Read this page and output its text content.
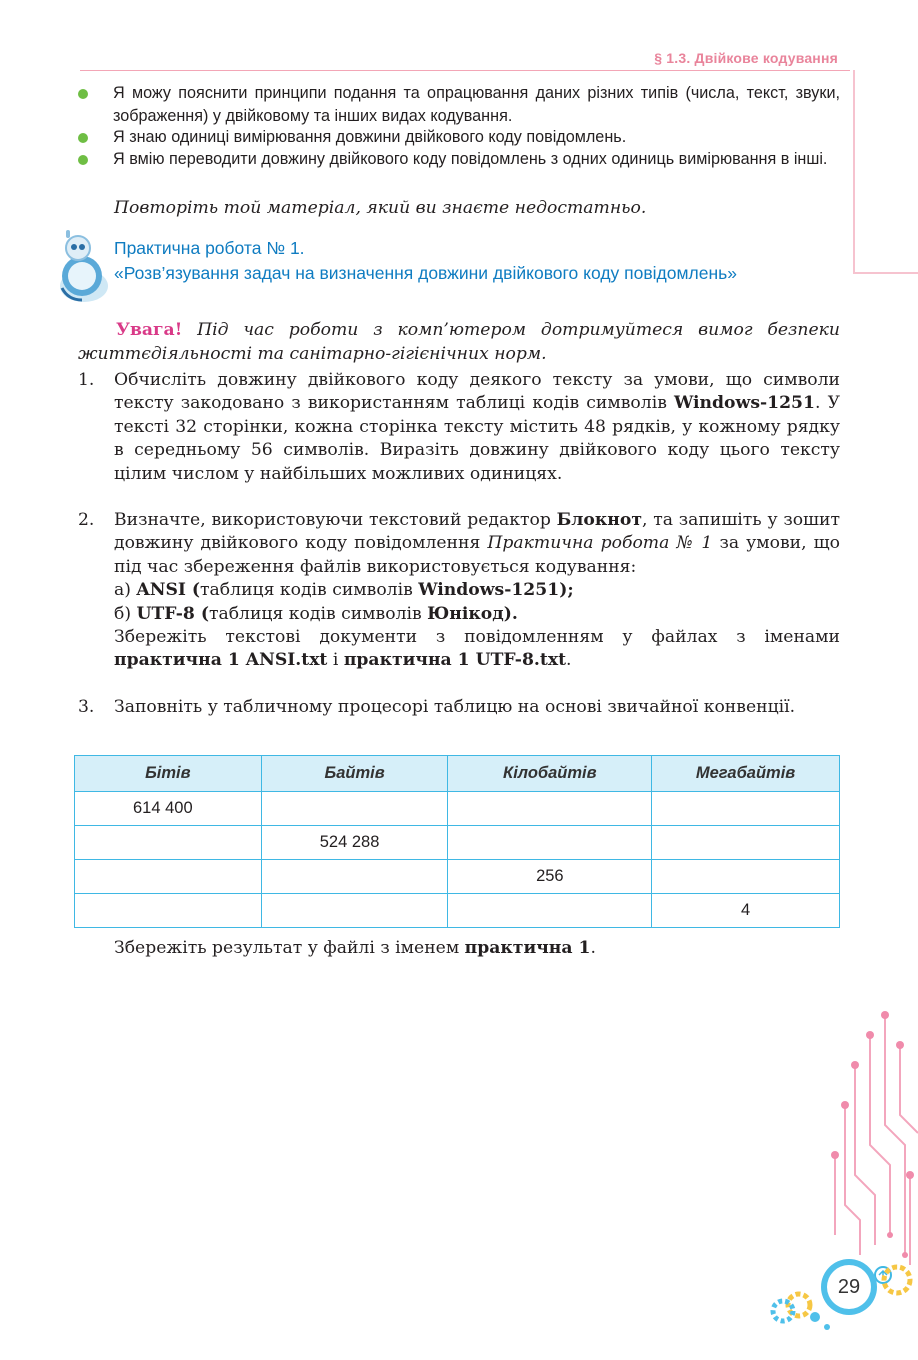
§ 1.3. Двійкове кодування
Я можу пояснити принципи подання та опрацювання даних різних типів (числа, текст, звуки, зображення) у двійковому та інших видах кодування.
Я знаю одиниці вимірювання довжини двійкового коду повідомлень.
Я вмію переводити довжину двійкового коду повідомлень з одних одиниць вимірювання в інші.
Повторіть той матеріал, який ви знаєте недостатньо.
Практична робота № 1.
«Розв’язування задач на визначення довжини двійкового коду повідомлень»
Увага! Під час роботи з комп’ютером дотримуйтеся вимог безпеки життєдіяльності та санітарно-гігієнічних норм.
1. Обчисліть довжину двійкового коду деякого тексту за умови, що символи тексту закодовано з використанням таблиці кодів символів Windows-1251. У тексті 32 сторінки, кожна сторінка тексту містить 48 рядків, у кожному рядку в середньому 56 символів. Виразіть довжину двійкового коду цього тексту цілим числом у найбільших можливих одиницях.
2. Визначте, використовуючи текстовий редактор Блокнот, та запишіть у зошит довжину двійкового коду повідомлення Практична робота № 1 за умови, що під час збереження файлів використовується кодування:
а) ANSI (таблиця кодів символів Windows-1251);
б) UTF-8 (таблиця кодів символів Юнікод).
Збережіть текстові документи з повідомленням у файлах з іменами практична 1 ANSI.txt і практична 1 UTF-8.txt.
3. Заповніть у табличному процесорі таблицю на основі звичайної конвенції.
Бітів	Байтів	Кілобайтів	Мегабайтів
614 400			
	524 288		
		256	
			4
Збережіть результат у файлі з іменем практична 1.
29
